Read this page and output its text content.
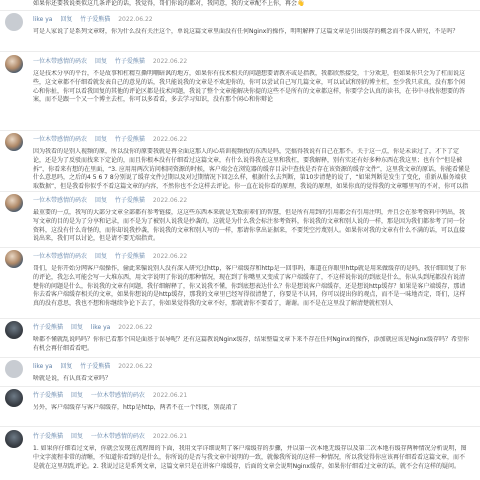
如果你还要我说类似这几条评论的话，我觉得，哥们你说的都对，我同意，我的文章配不上你，再会👋
like ya 回复 竹子爱熊猫 2022.06.22
可是人家说了是系列文章呀，你为什么没有关注这个，单说这篇文章里面没有任何Nginx的操作，明明解释了这篇文章是引出缓存的概念而不深入研究，不是吗？
一位木带感情的码农 回复 竹子爱熊猫 2022.06.22
这是技术分享的平台，不是故事和杠精互撕明嘲暗讽的地方，如果你有技术相关的问题想要请教亦或是指教，我都欣然接受，十分欢迎，但如果你只会为了杠而说这些，这文章都不仔细看就发表自己的意见的话，我只能说我的文章是不欢迎你的，你可以尝试自己写几篇文章，可以试试和别的博主杠，至少我只求真，没有那个闲心和你扯，你可以看我回复的其他的评论区都是技术问题，我说了整个文章能解决你提的这些不是所有的文章都这样，你要学会认真的读书，在书中寻找你想要的答案，而不是跟一个又一个博主去杠，你可以多看看，多去学习知识，没有那个闲心和你辩论
一位木带感情的码农 回复 竹子爱熊猫 2022.06.22
因为我看的是别人视频的原，所以没你的原要我就是再全面这那人的心培训视频找的东西是吗，完搞得我说有自己在那不。关于这一点，你是未读过了，才下了定论，还是为了反驳而找来下定论的，而且你根本没有仔细看过这篇文章，有什么说得我在这里和我杠，要我解释，别有实还有好多种东西在我这里；也有个“但是被拆”，你看来有想的在里面，“3. 应用用两次访问相同资源的时候，客户端会在浏览器的缓存目录中查找是否存在该资源的缓存文件”，这里我文章的原话，你能看懂是什么意思吗，之后的4 5 6 7 8分别说了缓存文件过期以及对过期情况下回怎么样，根据什么去判断，第10步清楚的说了，“如果判断是发生了变化，重新从服务端获取数据”，但是我看你似乎不看这篇文章的内容，不然你也不会这样去评论。你一直在说你看的原理，我说的原理，如果你真的觉得我的文章哪里写的不对，你可以指
一位木带感情的码农 回复 竹子爱熊猫 2022.06.22
最重要的一点，我写的大部分文章全部都有参考链接，这这些东西本来就是无数前辈们的智慧，但是所有用到的引用都会有引用注明，并且会在参考资料中列出，我写文章的目的是为了分享和记录，而不是为了被别人说我是抄袭的，这就是为什么我会标注参考资料，你说我的文章和别人说的一样，那是因为我们都参考了同一份资料，这没有什么奇怪的，而你却说我抄袭，你说我的文章和别人写的一样，那请你拿出证据来，不要凭空污蔑别人。如果你对我的文章有什么不满的话，可以直接说出来，我们可以讨论，但是请不要无端指责。
一位木带感情的码农 回复 竹子爱熊猫 2022.06.22
哥们，是你开始分网客户端操作，偷此来骗说别人没有深入研究过http，客户端缓存和http是一回事吗，难道在你眼里http就是用来做缓存的是吗，我仔细回复了你的评论，我怎么可能会写一大堆东西，用文字说明了你说的那种情况，现在到了你嘴里又变成了客户端缓存了，不这样说你说的到底是什么，你从头到尾都没有说清楚你的问题是什么，你说我的文章有问题，我仔细解释了，你又说我不懂，你到底想表达什么？你是想说客户端缓存，还是想说http缓存？如果是客户端缓存，那请你去看客户端缓存相关的文章，如果你想说的是http缓存，那我的文章里已经写得很清楚了，你要是不认同，你可以提出你的观点，而不是一味地否定，哥们，这样真的没有意思，我也不想和你继续争论下去了，你如果觉得我的文章不好，那就请你不要看了，谢谢。而不是在这里没了解清楚就杠别人
竹子爱熊猫 回复 like ya 2022.06.22
啥都不懂就乱说吗吗？你你已看那个国是面基于误导呢？还有这篇教说Nginx缓存，结果整篇文章下来不存在任何Nginx的操作，添加就应该是Nginx缓存吗？希望你有机会再仔细看看吧。
like ya 回复 竹子爱熊猫 2022.06.22
啥就是说，有认真看文章吗？
竹子爱熊猫 回复 一位木带感情的码农 2022.06.21
另外，客户端缓存与客户端缓存，http是http，两者不在一个纬度，别混淆了
竹子爱熊猫 回复 一位木带感情的码农 2022.06.21
1. 如果你仔细看过文章，你就会发现在流程图的下面，我用文字详细说明了客户端缓存的步骤，并以第一次本地无缓存以及第二次本地有缓存两种情况分析说明，图中文字流程非常的清晰，不知道你看到的是什么，你所说的是否与我文章中说明的一致，就像我所说的这样一种情况，所以我觉得你应该再仔细看看这篇文章，而不是就在这里胡乱评论。2. 我说过这是系列文章，这篇文章只是在讲客户端缓存，后面的文章会说明Nginx缓存，如果你仔细看过文章的话，就不会有这样的疑问。
